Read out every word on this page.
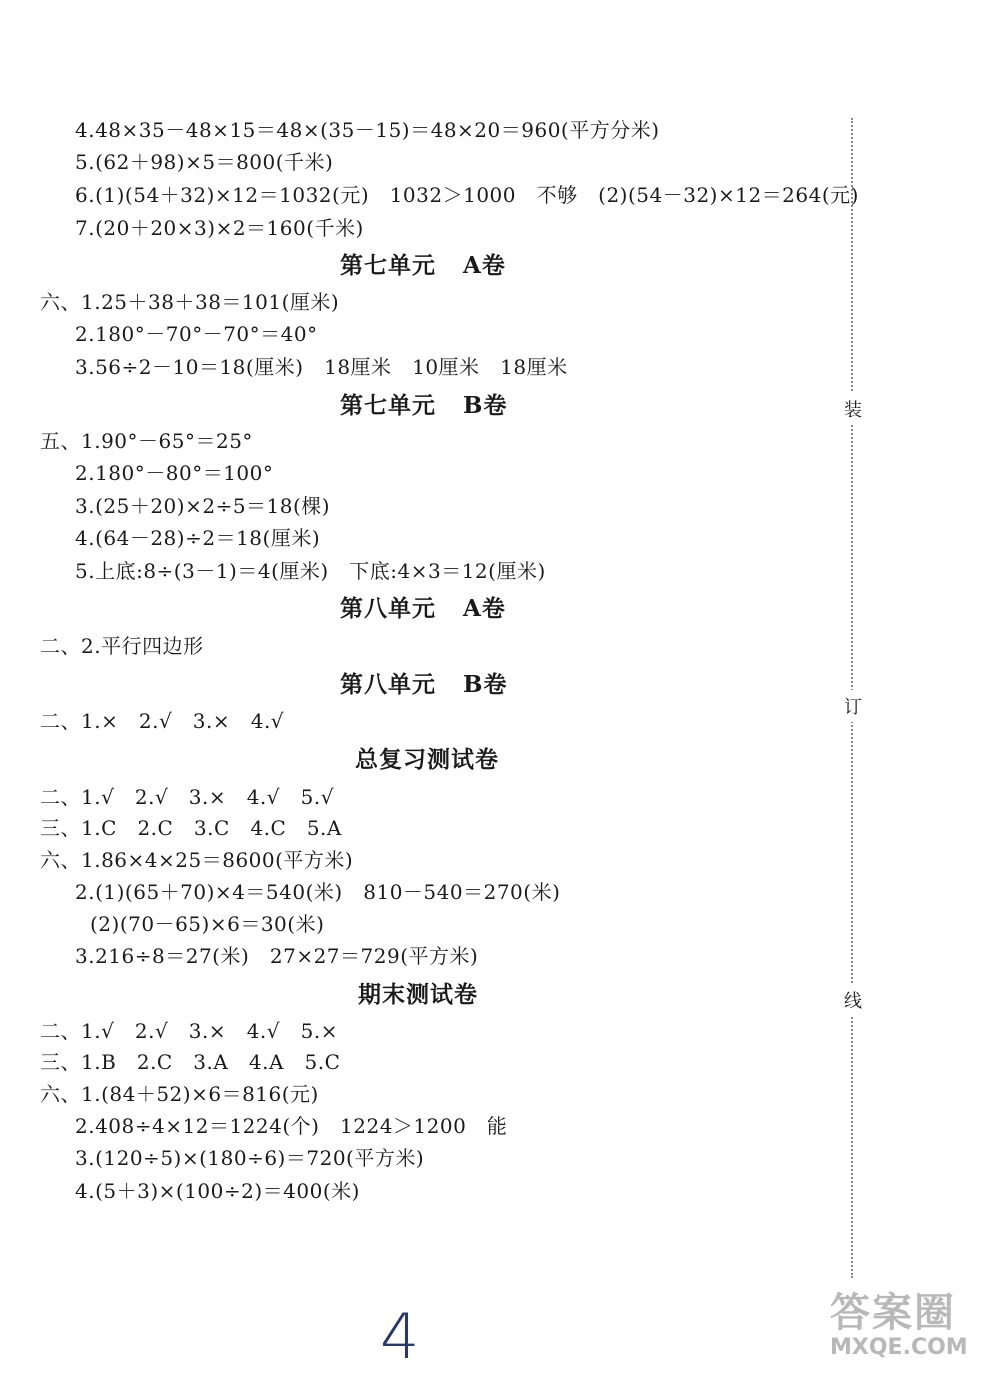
4.48×35－48×15＝48×(35－15)＝48×20＝960(平方分米)
5.(62＋98)×5＝800(千米)
6.(1)(54＋32)×12＝1032(元)   1032＞1000   不够   (2)(54－32)×12＝264(元)
7.(20＋20×3)×2＝160(千米)
第七单元   A卷
六、1.25＋38＋38＝101(厘米)
2.180°－70°－70°＝40°
3.56÷2－10＝18(厘米)   18厘米   10厘米   18厘米
第七单元   B卷
五、1.90°－65°＝25°
2.180°－80°＝100°
3.(25＋20)×2÷5＝18(棵)
4.(64－28)÷2＝18(厘米)
5.上底:8÷(3－1)＝4(厘米)   下底:4×3＝12(厘米)
第八单元   A卷
二、2.平行四边形
第八单元   B卷
二、1.×   2.√   3.×   4.√
总复习测试卷
二、1.√   2.√   3.×   4.√   5.√
三、1.C   2.C   3.C   4.C   5.A
六、1.86×4×25＝8600(平方米)
2.(1)(65＋70)×4＝540(米)   810－540＝270(米)
(2)(70－65)×6＝30(米)
3.216÷8＝27(米)   27×27＝729(平方米)
期末测试卷
二、1.√   2.√   3.×   4.√   5.×
三、1.B   2.C   3.A   4.A   5.C
六、1.(84＋52)×6＝816(元)
2.408÷4×12＝1224(个)   1224＞1200   能
3.(120÷5)×(180÷6)＝720(平方米)
4.(5＋3)×(100÷2)＝400(米)
装
订
线
4	答案圈
MXQE.COM
